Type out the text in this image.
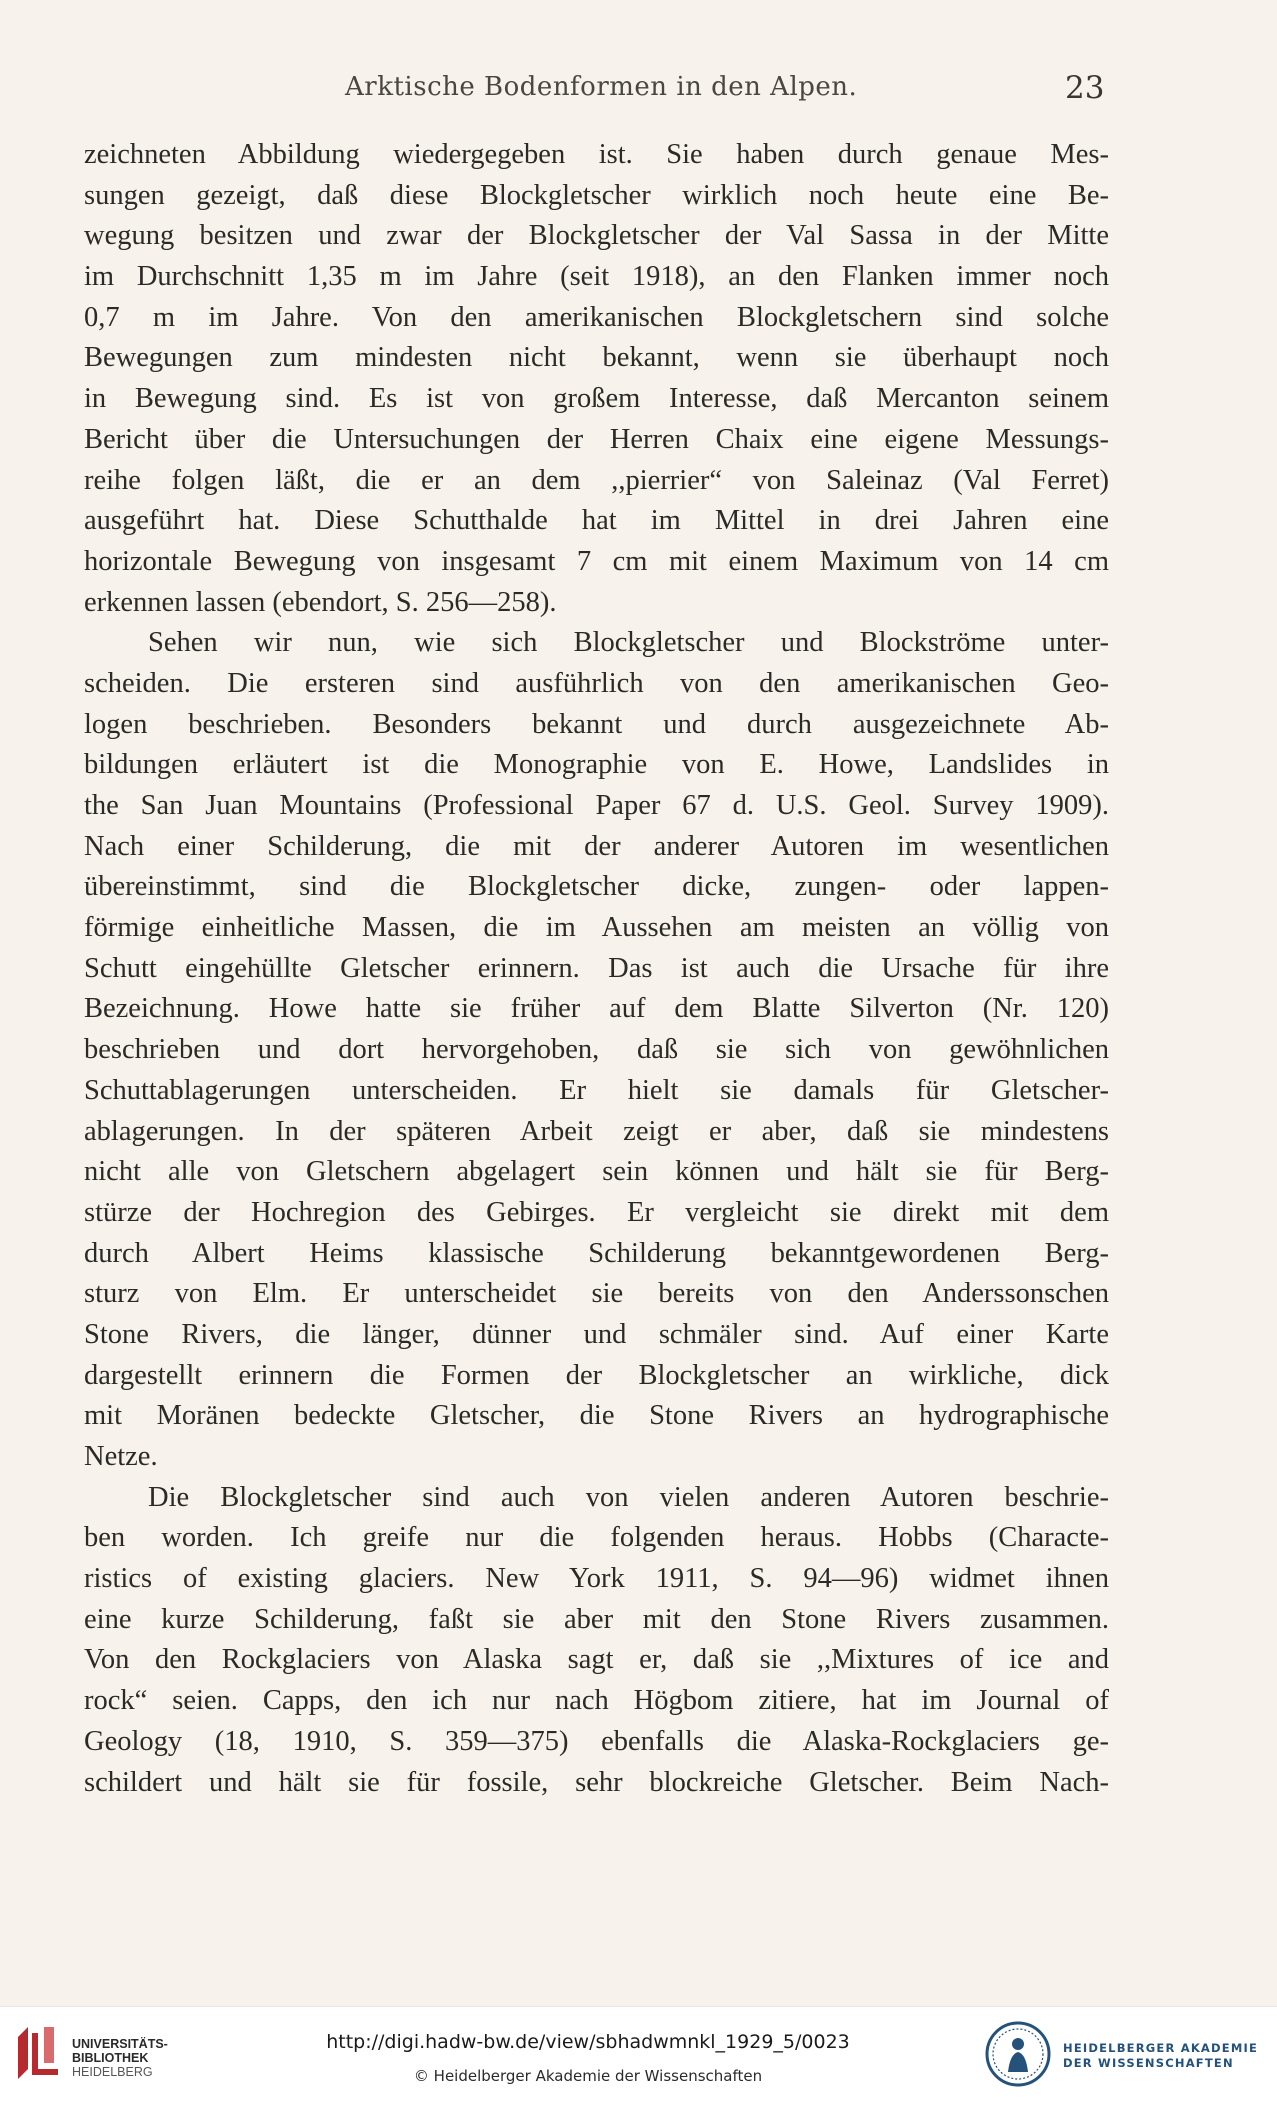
Arktische Bodenformen in den Alpen.	23
zeichneten Abbildung wiedergegeben ist. Sie haben durch genaue Mes-
sungen gezeigt, daß diese Blockgletscher wirklich noch heute eine Be-
wegung besitzen und zwar der Blockgletscher der Val Sassa in der Mitte
im Durchschnitt 1,35 m im Jahre (seit 1918), an den Flanken immer noch
0,7 m im Jahre. Von den amerikanischen Blockgletschern sind solche
Bewegungen zum mindesten nicht bekannt, wenn sie überhaupt noch
in Bewegung sind. Es ist von großem Interesse, daß Mercanton seinem
Bericht über die Untersuchungen der Herren Chaix eine eigene Messungs-
reihe folgen läßt, die er an dem ,,pierrier“ von Saleinaz (Val Ferret)
ausgeführt hat. Diese Schutthalde hat im Mittel in drei Jahren eine
horizontale Bewegung von insgesamt 7 cm mit einem Maximum von 14 cm
erkennen lassen (ebendort, S. 256—258).
Sehen wir nun, wie sich Blockgletscher und Blockströme unter-
scheiden. Die ersteren sind ausführlich von den amerikanischen Geo-
logen beschrieben. Besonders bekannt und durch ausgezeichnete Ab-
bildungen erläutert ist die Monographie von E. Howe, Landslides in
the San Juan Mountains (Professional Paper 67 d. U.S. Geol. Survey 1909).
Nach einer Schilderung, die mit der anderer Autoren im wesentlichen
übereinstimmt, sind die Blockgletscher dicke, zungen- oder lappen-
förmige einheitliche Massen, die im Aussehen am meisten an völlig von
Schutt eingehüllte Gletscher erinnern. Das ist auch die Ursache für ihre
Bezeichnung. Howe hatte sie früher auf dem Blatte Silverton (Nr. 120)
beschrieben und dort hervorgehoben, daß sie sich von gewöhnlichen
Schuttablagerungen unterscheiden. Er hielt sie damals für Gletscher-
ablagerungen. In der späteren Arbeit zeigt er aber, daß sie mindestens
nicht alle von Gletschern abgelagert sein können und hält sie für Berg-
stürze der Hochregion des Gebirges. Er vergleicht sie direkt mit dem
durch Albert Heims klassische Schilderung bekanntgewordenen Berg-
sturz von Elm. Er unterscheidet sie bereits von den Anderssonschen
Stone Rivers, die länger, dünner und schmäler sind. Auf einer Karte
dargestellt erinnern die Formen der Blockgletscher an wirkliche, dick
mit Moränen bedeckte Gletscher, die Stone Rivers an hydrographische
Netze.
Die Blockgletscher sind auch von vielen anderen Autoren beschrie-
ben worden. Ich greife nur die folgenden heraus. Hobbs (Characte-
ristics of existing glaciers. New York 1911, S. 94—96) widmet ihnen
eine kurze Schilderung, faßt sie aber mit den Stone Rivers zusammen.
Von den Rockglaciers von Alaska sagt er, daß sie ,,Mixtures of ice and
rock“ seien. Capps, den ich nur nach Högbom zitiere, hat im Journal of
Geology (18, 1910, S. 359—375) ebenfalls die Alaska-Rockglaciers ge-
schildert und hält sie für fossile, sehr blockreiche Gletscher. Beim Nach-
UNIVERSITÄTS-
BIBLIOTHEK
HEIDELBERG
http://digi.hadw-bw.de/view/sbhadwmnkl_1929_5/0023
© Heidelberger Akademie der Wissenschaften
HEIDELBERGER AKADEMIE
DER WISSENSCHAFTEN
